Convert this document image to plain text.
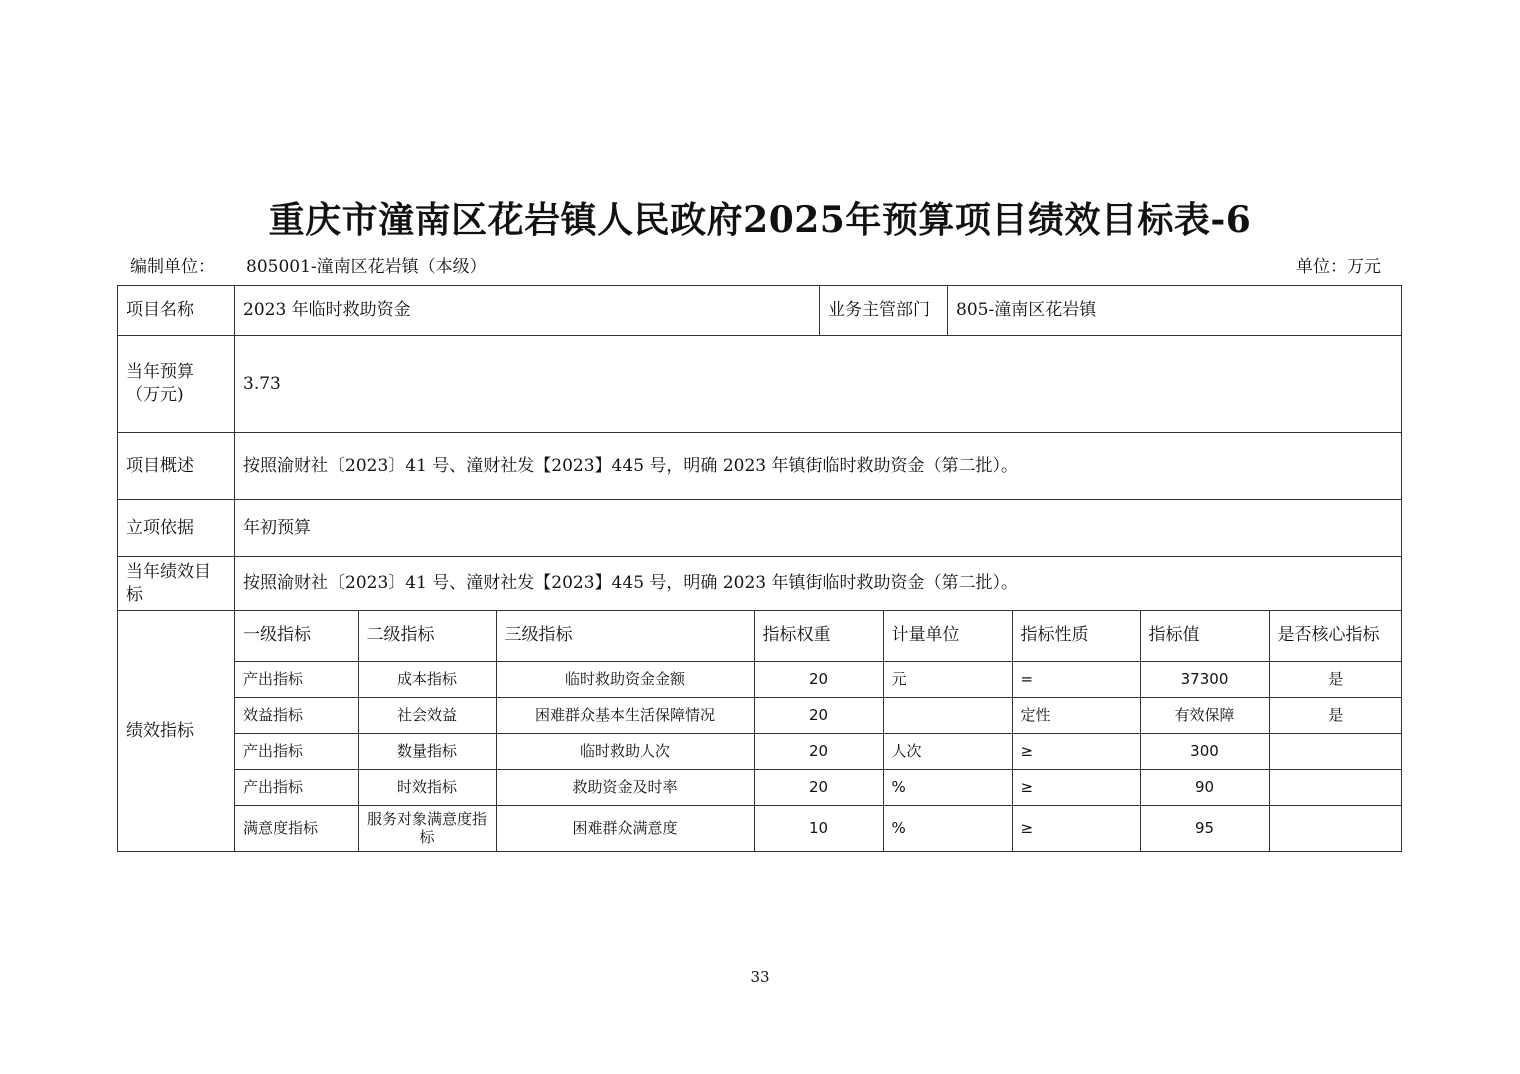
重庆市潼南区花岩镇人民政府2025年预算项目绩效目标表-6
编制单位： 805001-潼南区花岩镇（本级）	单位：万元
项目名称	2023 年临时救助资金	业务主管部门	805-潼南区花岩镇
当年预算（万元)	3.73
项目概述	按照渝财社〔2023〕41 号、潼财社发【2023】445 号，明确 2023 年镇街临时救助资金（第二批）。
立项依据	年初预算
当年绩效目标	按照渝财社〔2023〕41 号、潼财社发【2023】445 号，明确 2023 年镇街临时救助资金（第二批）。
绩效指标	
一级指标	二级指标	三级指标	指标权重	计量单位	指标性质	指标值	是否核心指标
产出指标	成本指标	临时救助资金金额	20	元	=	37300	是
效益指标	社会效益	困难群众基本生活保障情况	20		定性	有效保障	是
产出指标	数量指标	临时救助人次	20	人次	≥	300	
产出指标	时效指标	救助资金及时率	20	%	≥	90	
满意度指标	服务对象满意度指标	困难群众满意度	10	%	≥	95	
33
